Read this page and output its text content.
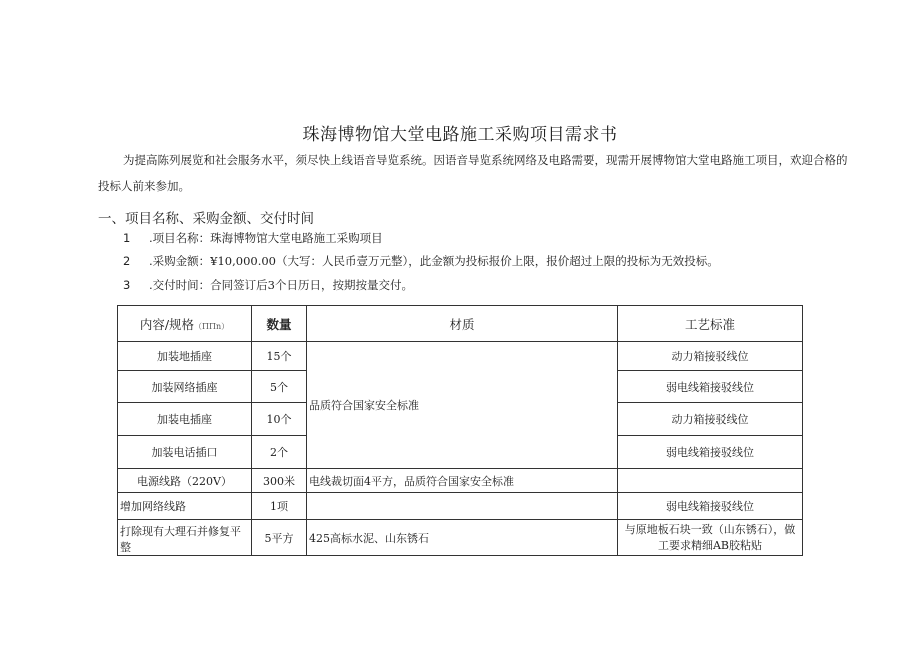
珠海博物馆大堂电路施工采购项目需求书
为提高陈列展览和社会服务水平，须尽快上线语音导览系统。因语音导览系统网络及电路需要，现需开展博物馆大堂电路施工项目，欢迎合格的
投标人前来参加。
一、项目名称、采购金额、交付时间
1 .项目名称：珠海博物馆大堂电路施工采购项目
2 .采购金额：¥10,000.00（大写：人民币壹万元整），此金额为投标报价上限，报价超过上限的投标为无效投标。
3 .交付时间：合同签订后3个日历日，按期按量交付。
内容/规格（ΠΠn）	数量	材质	工艺标准
加装地插座	15个	品质符合国家安全标准	动力箱接驳线位
加装网络插座	5个		弱电线箱接驳线位
加装电插座	10个		动力箱接驳线位
加装电话插口	2个		弱电线箱接驳线位
电源线路（220V）	300米	电线裁切面4平方，品质符合国家安全标准	
增加网络线路	1项		弱电线箱接驳线位
打除现有大理石并修复平整	5平方	425高标水泥、山东锈石	与原地板石块一致（山东锈石），做
工要求精细AB胶粘贴
